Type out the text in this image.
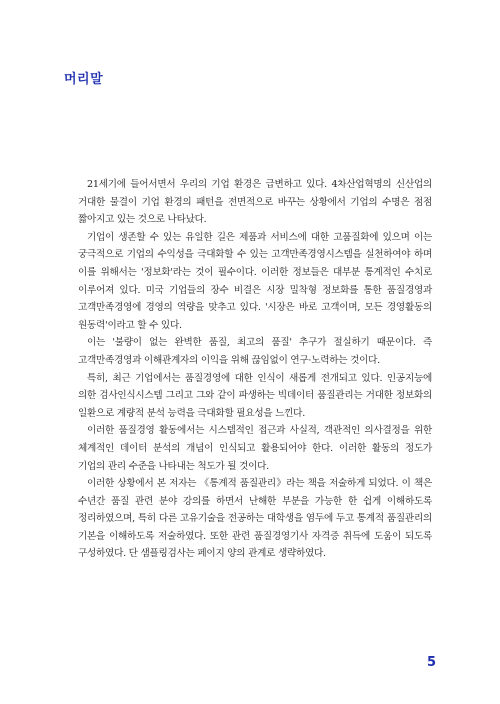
머리말

21세기에 들어서면서 우리의 기업 환경은 급변하고 있다. 4차산업혁명의 신산업의 거대한 물결이 기업 환경의 패턴을 전면적으로 바꾸는 상황에서 기업의 수명은 점점 짧아지고 있는 것으로 나타났다.

기업이 생존할 수 있는 유일한 길은 제품과 서비스에 대한 고품질화에 있으며 이는 궁극적으로 기업의 수익성을 극대화할 수 있는 고객만족경영시스템을 실천하여야 하며 이를 위해서는 '정보화'라는 것이 필수이다. 이러한 정보들은 대부분 통계적인 수치로 이루어져 있다. 미국 기업들의 장수 비결은 시장 밀착형 정보화를 통한 품질경영과 고객만족경영에 경영의 역량을 맞추고 있다. '시장은 바로 고객이며, 모든 경영활동의 원동력'이라고 할 수 있다.

이는 '불량이 없는 완벽한 품질, 최고의 품질' 추구가 절실하기 때문이다. 즉 고객만족경영과 이해관계자의 이익을 위해 끊임없이 연구·노력하는 것이다.

특히, 최근 기업에서는 품질경영에 대한 인식이 새롭게 전개되고 있다. 인공지능에 의한 검사인식시스템 그리고 그와 같이 파생하는 빅데이터 품질관리는 거대한 정보화의 일환으로 계량적 분석 능력을 극대화할 필요성을 느낀다.

이러한 품질경영 활동에서는 시스템적인 접근과 사실적, 객관적인 의사결정을 위한 체계적인 데이터 분석의 개념이 인식되고 활용되어야 한다. 이러한 활동의 정도가 기업의 관리 수준을 나타내는 척도가 될 것이다.

이러한 상황에서 본 저자는 《통계적 품질관리》라는 책을 저술하게 되었다. 이 책은 수년간 품질 관련 분야 강의를 하면서 난해한 부분을 가능한 한 쉽게 이해하도록 정리하였으며, 특히 다른 고유기술을 전공하는 대학생을 염두에 두고 통계적 품질관리의 기본을 이해하도록 저술하였다. 또한 관련 품질경영기사 자격증 취득에 도움이 되도록 구성하였다. 단 샘플링검사는 페이지 양의 관계로 생략하였다.

5
